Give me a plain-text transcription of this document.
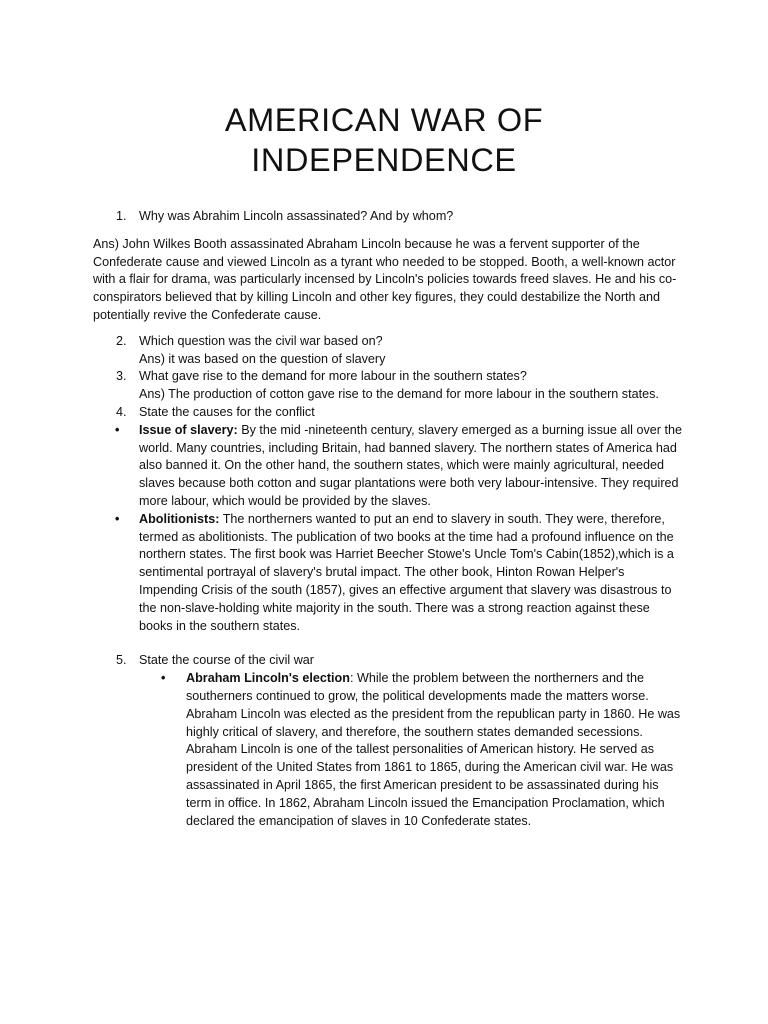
AMERICAN WAR OF
INDEPENDENCE
1. Why was Abrahim Lincoln assassinated? And by whom?

Ans) John Wilkes Booth assassinated Abraham Lincoln because he was a fervent supporter of the Confederate cause and viewed Lincoln as a tyrant who needed to be stopped. Booth, a well-known actor with a flair for drama, was particularly incensed by Lincoln's policies towards freed slaves. He and his co-conspirators believed that by killing Lincoln and other key figures, they could destabilize the North and potentially revive the Confederate cause.

2. Which question was the civil war based on?
Ans) it was based on the question of slavery
3. What gave rise to the demand for more labour in the southern states?
Ans) The production of cotton gave rise to the demand for more labour in the southern states.
4. State the causes for the conflict
• Issue of slavery: By the mid -nineteenth century, slavery emerged as a burning issue all over the world. Many countries, including Britain, had banned slavery. The northern states of America had also banned it. On the other hand, the southern states, which were mainly agricultural, needed slaves because both cotton and sugar plantations were both very labour-intensive. They required more labour, which would be provided by the slaves.
• Abolitionists: The northerners wanted to put an end to slavery in south. They were, therefore, termed as abolitionists. The publication of two books at the time had a profound influence on the northern states. The first book was Harriet Beecher Stowe's Uncle Tom's Cabin(1852),which is a sentimental portrayal of slavery's brutal impact. The other book, Hinton Rowan Helper's Impending Crisis of the south (1857), gives an effective argument that slavery was disastrous to the non-slave-holding white majority in the south. There was a strong reaction against these books in the southern states.
5. State the course of the civil war
• Abraham Lincoln's election: While the problem between the northerners and the southerners continued to grow, the political developments made the matters worse. Abraham Lincoln was elected as the president from the republican party in 1860. He was highly critical of slavery, and therefore, the southern states demanded secessions. Abraham Lincoln is one of the tallest personalities of American history. He served as president of the United States from 1861 to 1865, during the American civil war. He was assassinated in April 1865, the first American president to be assassinated during his term in office. In 1862, Abraham Lincoln issued the Emancipation Proclamation, which declared the emancipation of slaves in 10 Confederate states.
